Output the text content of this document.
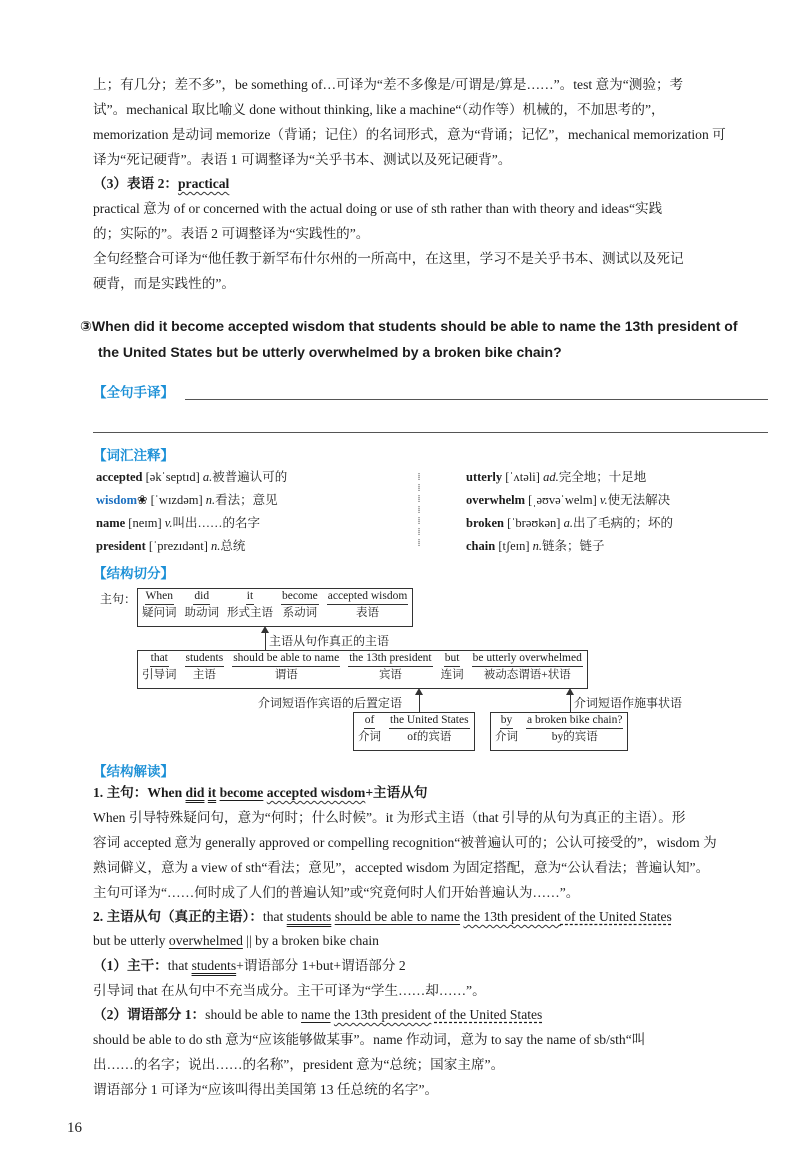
上；有几分；差不多”，be something of…可译为“差不多像是/可谓是/算是……”。test 意为“测验；考

试”。mechanical 取比喻义 done without thinking, like a machine“（动作等）机械的，不加思考的”，

memorization 是动词 memorize（背诵；记住）的名词形式，意为“背诵；记忆”，mechanical memorization 可

译为“死记硬背”。表语 1 可调整译为“关乎书本、测试以及死记硬背”。

（3）表语 2：practical

practical 意为 of or concerned with the actual doing or use of sth rather than with theory and ideas“实践

的；实际的”。表语 2 可调整译为“实践性的”。

全句经整合可译为“他任教于新罕布什尔州的一所高中，在这里，学习不是关乎书本、测试以及死记

硬背，而是实践性的”。

③When did it become accepted wisdom that students should be able to name the 13th president of
the United States but be utterly overwhelmed by a broken bike chain?
【全句手译】
【词汇注释】
accepted [əkˈseptɪd] a.被普遍认可的
wisdom❀ [ˈwɪzdəm] n.看法；意见
name [neɪm] v.叫出……的名字
president [ˈprezɪdənt] n.总统
⁞
⁞
⁞
⁞
⁞
⁞
⁞
utterly [ˈʌtəli] ad.完全地；十足地
overwhelm [ˌəʊvəˈwelm] v.使无法解决
broken [ˈbrəʊkən] a.出了毛病的；坏的
chain [tʃeɪn] n.链条；链子
【结构切分】
主句： When
疑问词
did
助动词
it
形式主语
become
系动词
accepted wisdom
表语
主语从句作真正的主语
that
引导词
students
主语
should be able to name
谓语
the 13th president
宾语
but
连词
be utterly overwhelmed
被动态谓语+状语
介词短语作宾语的后置定语	介词短语作施事状语
of
介词
the United States
of的宾语
by
介词
a broken bike chain?
by的宾语
【结构解读】

1. 主句：When did it become accepted wisdom+主语从句

When 引导特殊疑问句，意为“何时；什么时候”。it 为形式主语（that 引导的从句为真正的主语）。形

容词 accepted 意为 generally approved or compelling recognition“被普遍认可的；公认可接受的”，wisdom 为

熟词僻义，意为 a view of sth“看法；意见”，accepted wisdom 为固定搭配，意为“公认看法；普遍认知”。

主句可译为“……何时成了人们的普遍认知”或“究竟何时人们开始普遍认为……”。

2. 主语从句（真正的主语）：that students should be able to name the 13th president of the United States

but be utterly overwhelmed || by a broken bike chain

（1）主干：that students+谓语部分 1+but+谓语部分 2

引导词 that 在从句中不充当成分。主干可译为“学生……却……”。

（2）谓语部分 1：should be able to name the 13th president of the United States

should be able to do sth 意为“应该能够做某事”。name 作动词，意为 to say the name of sb/sth“叫

出……的名字；说出……的名称”，president 意为“总统；国家主席”。

谓语部分 1 可译为“应该叫得出美国第 13 任总统的名字”。

16
